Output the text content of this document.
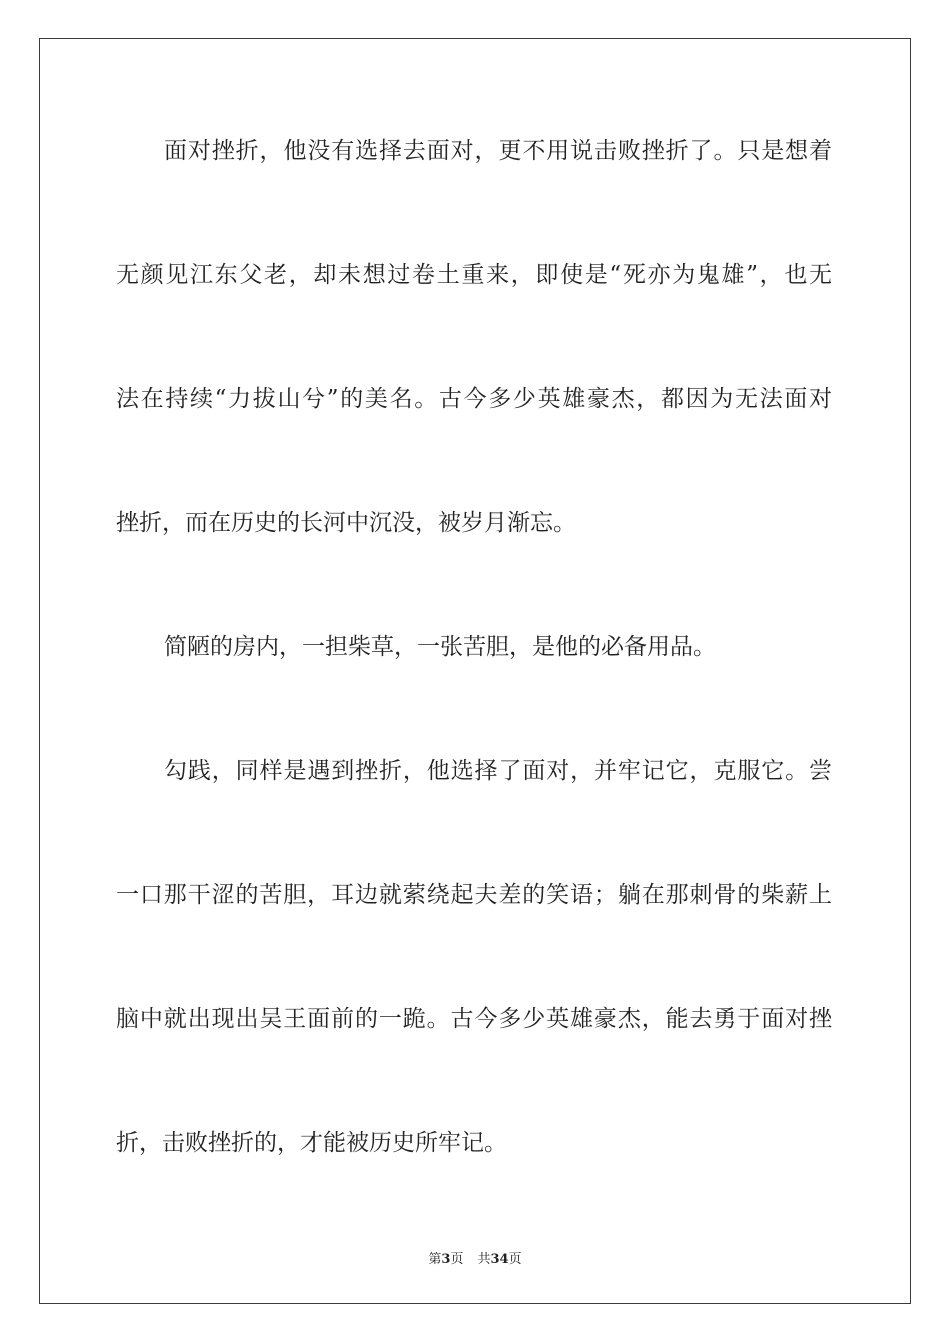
面对挫折，他没有选择去面对，更不用说击败挫折了。只是想着
无颜见江东父老，却未想过卷土重来，即使是“死亦为鬼雄”，也无
法在持续“力拔山兮”的美名。古今多少英雄豪杰，都因为无法面对
挫折，而在历史的长河中沉没，被岁月渐忘。
简陋的房内，一担柴草，一张苦胆，是他的必备用品。
勾践，同样是遇到挫折，他选择了面对，并牢记它，克服它。尝
一口那干涩的苦胆，耳边就萦绕起夫差的笑语；躺在那刺骨的柴薪上
脑中就出现出吴王面前的一跪。古今多少英雄豪杰，能去勇于面对挫
折，击败挫折的，才能被历史所牢记。
第3页 共34页
